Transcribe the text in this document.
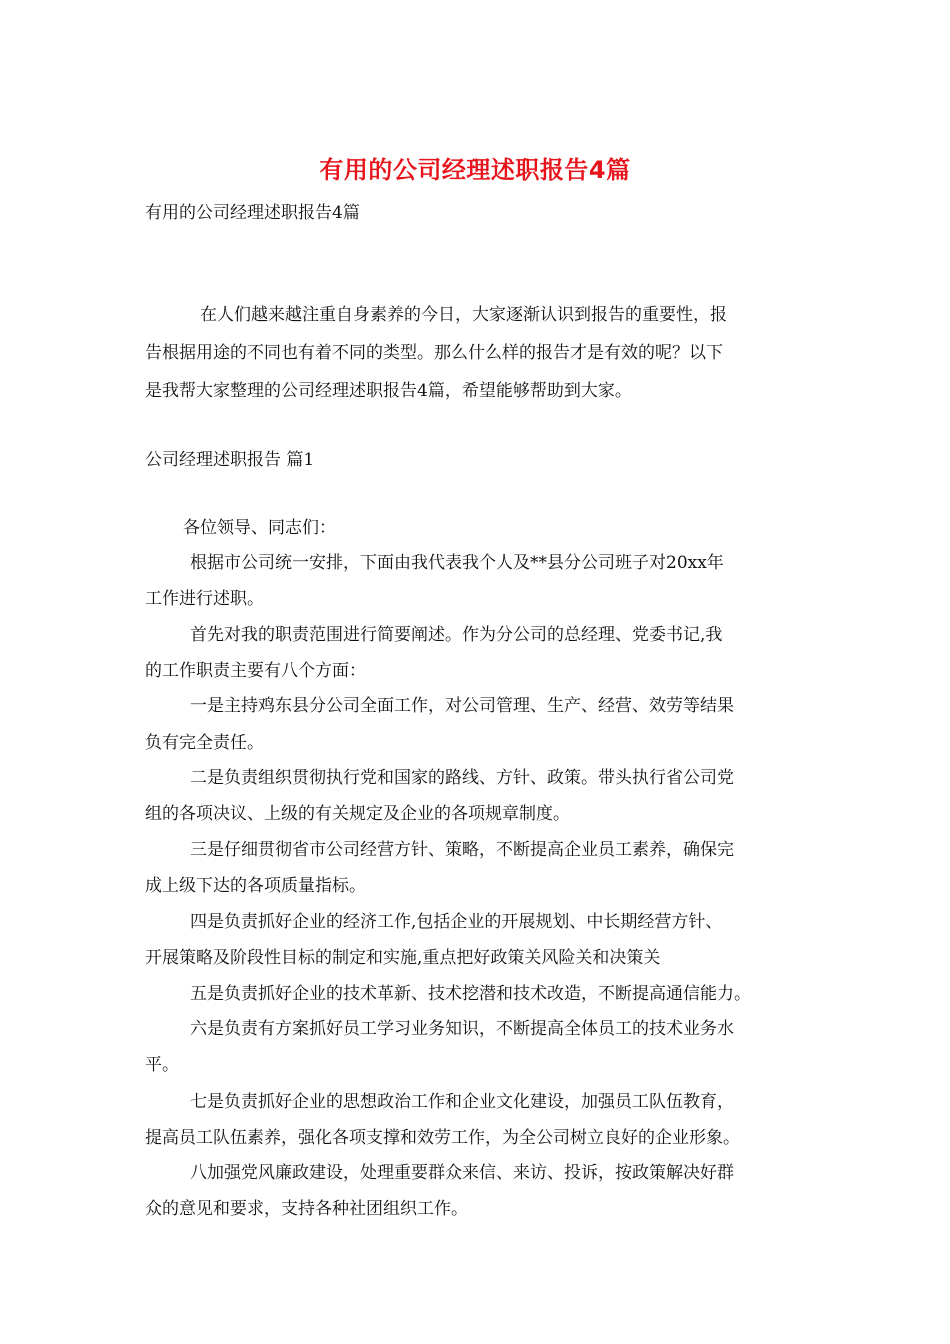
有用的公司经理述职报告4篇
有用的公司经理述职报告4篇
在人们越来越注重自身素养的今日，大家逐渐认识到报告的重要性，报
告根据用途的不同也有着不同的类型。那么什么样的报告才是有效的呢？以下
是我帮大家整理的公司经理述职报告4篇，希望能够帮助到大家。
公司经理述职报告 篇1
各位领导、同志们：
根据市公司统一安排，下面由我代表我个人及**县分公司班子对20xx年
工作进行述职。
首先对我的职责范围进行简要阐述。作为分公司的总经理、党委书记,我
的工作职责主要有八个方面：
一是主持鸡东县分公司全面工作，对公司管理、生产、经营、效劳等结果
负有完全责任。
二是负责组织贯彻执行党和国家的路线、方针、政策。带头执行省公司党
组的各项决议、上级的有关规定及企业的各项规章制度。
三是仔细贯彻省市公司经营方针、策略，不断提高企业员工素养，确保完
成上级下达的各项质量指标。
四是负责抓好企业的经济工作,包括企业的开展规划、中长期经营方针、
开展策略及阶段性目标的制定和实施,重点把好政策关风险关和决策关
五是负责抓好企业的技术革新、技术挖潜和技术改造，不断提高通信能力。
六是负责有方案抓好员工学习业务知识，不断提高全体员工的技术业务水
平。
七是负责抓好企业的思想政治工作和企业文化建设，加强员工队伍教育，
提高员工队伍素养，强化各项支撑和效劳工作，为全公司树立良好的企业形象。
八加强党风廉政建设，处理重要群众来信、来访、投诉，按政策解决好群
众的意见和要求，支持各种社团组织工作。
